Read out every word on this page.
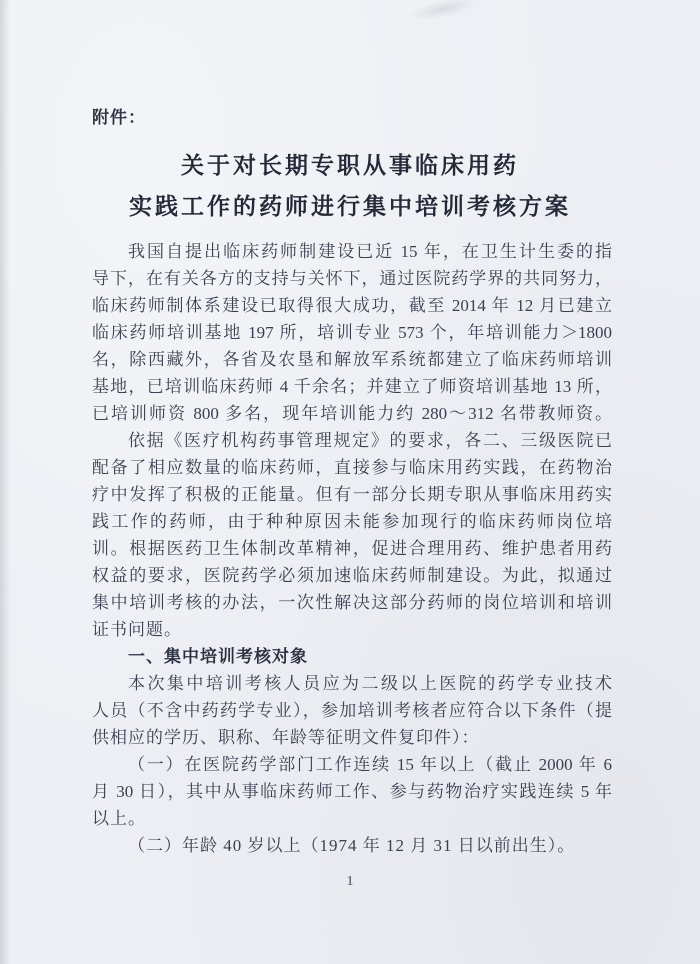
附件：
关于对长期专职从事临床用药
实践工作的药师进行集中培训考核方案
我国自提出临床药师制建设已近 15 年，在卫生计生委的指
导下，在有关各方的支持与关怀下，通过医院药学界的共同努力，
临床药师制体系建设已取得很大成功，截至 2014 年 12 月已建立
临床药师培训基地 197 所，培训专业 573 个，年培训能力＞1800
名，除西藏外，各省及农垦和解放军系统都建立了临床药师培训
基地，已培训临床药师 4 千余名；并建立了师资培训基地 13 所，
已培训师资 800 多名，现年培训能力约 280～312 名带教师资。
依据《医疗机构药事管理规定》的要求，各二、三级医院已
配备了相应数量的临床药师，直接参与临床用药实践，在药物治
疗中发挥了积极的正能量。但有一部分长期专职从事临床用药实
践工作的药师，由于种种原因未能参加现行的临床药师岗位培
训。根据医药卫生体制改革精神，促进合理用药、维护患者用药
权益的要求，医院药学必须加速临床药师制建设。为此，拟通过
集中培训考核的办法，一次性解决这部分药师的岗位培训和培训
证书问题。
一、集中培训考核对象
本次集中培训考核人员应为二级以上医院的药学专业技术
人员（不含中药药学专业），参加培训考核者应符合以下条件（提
供相应的学历、职称、年龄等征明文件复印件）：
（一）在医院药学部门工作连续 15 年以上（截止 2000 年 6
月 30 日），其中从事临床药师工作、参与药物治疗实践连续 5 年
以上。
（二）年龄 40 岁以上（1974 年 12 月 31 日以前出生）。
1
